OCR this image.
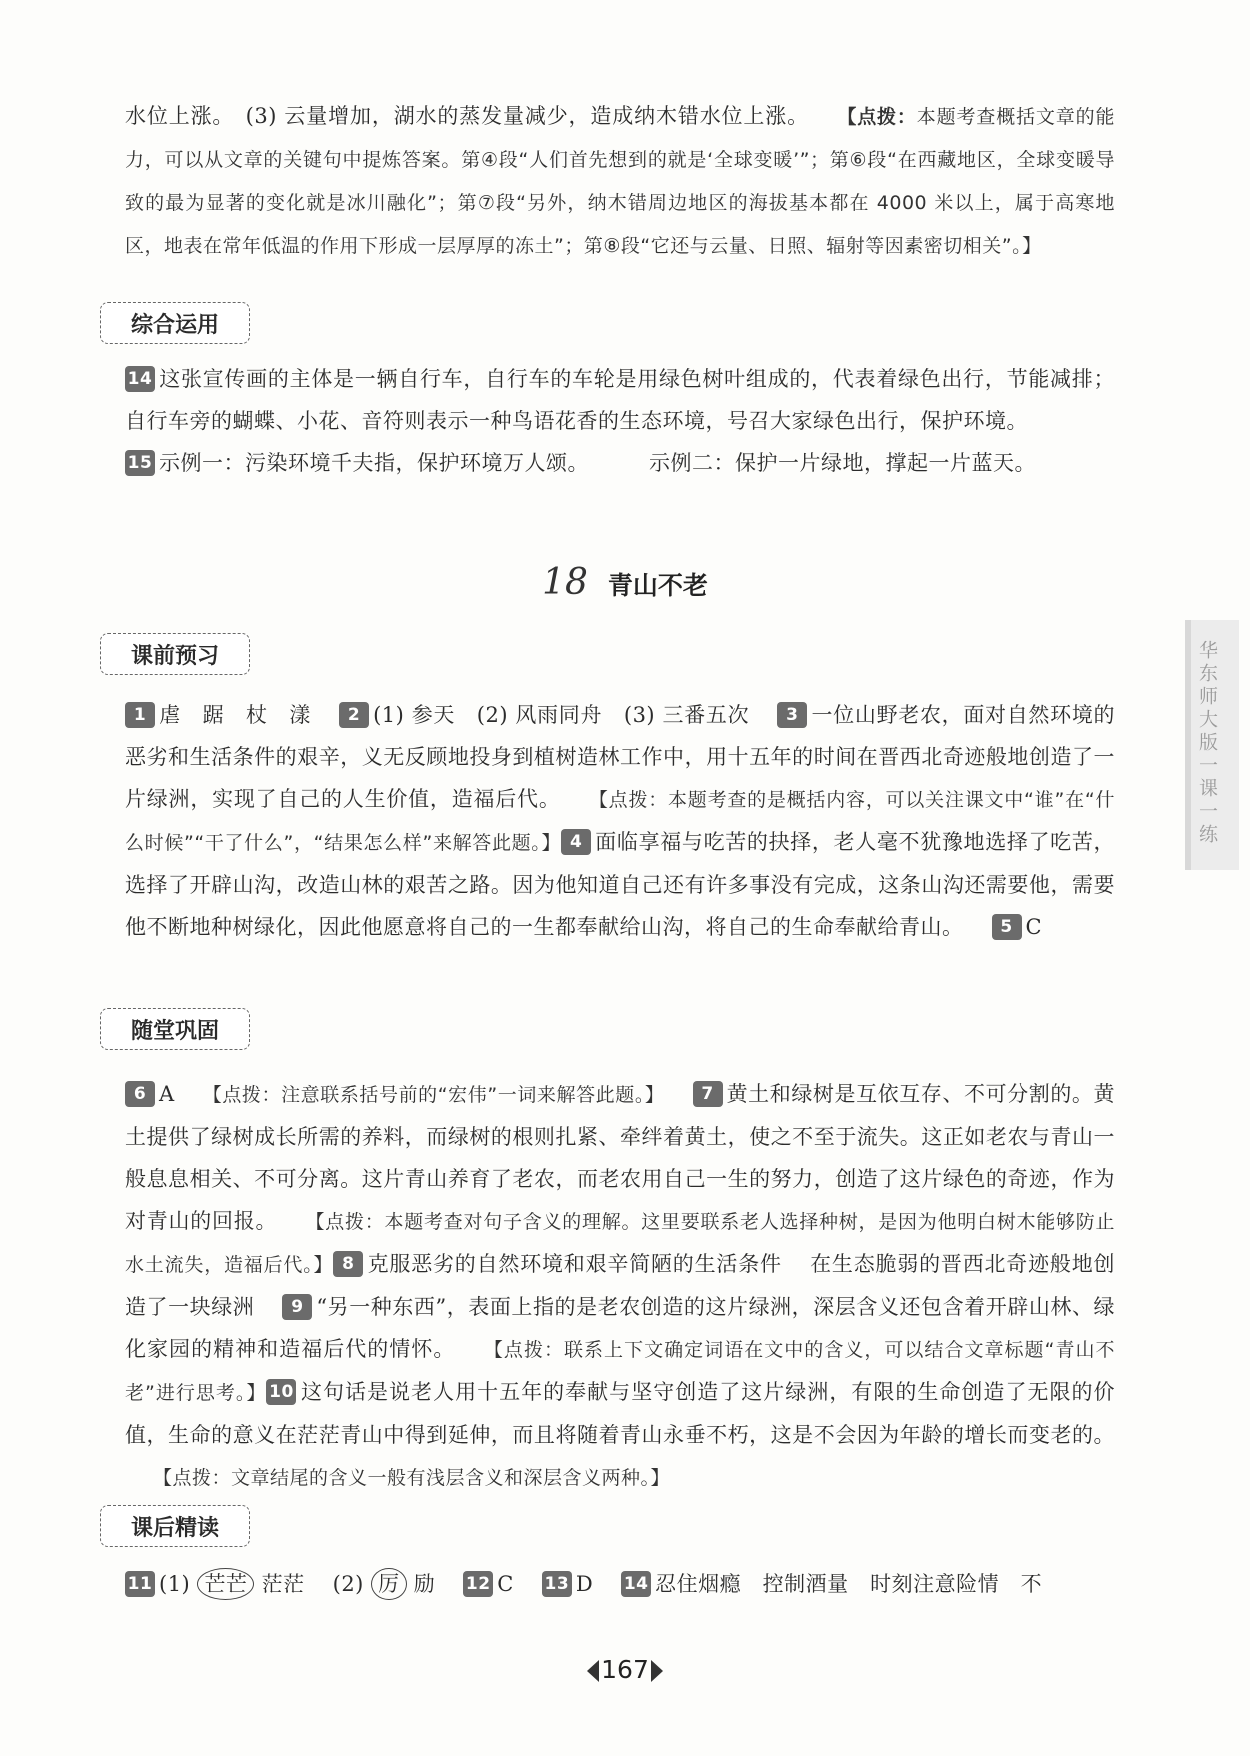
华东师大版一课一练

水位上涨。　(3) 云量增加，湖水的蒸发量减少，造成纳木错水位上涨。 【点拨：本题考查概括文章的能力，可以从文章的关键句中提炼答案。第④段“人们首先想到的就是‘全球变暖’”；第⑥段“在西藏地区，全球变暖导致的最为显著的变化就是冰川融化”；第⑦段“另外，纳木错周边地区的海拔基本都在 4000 米以上，属于高寒地区，地表在常年低温的作用下形成一层厚厚的冻土”；第⑧段“它还与云量、日照、辐射等因素密切相关”。】

综合运用

14 这张宣传画的主体是一辆自行车，自行车的车轮是用绿色树叶组成的，代表着绿色出行，节能减排；自行车旁的蝴蝶、小花、音符则表示一种鸟语花香的生态环境，号召大家绿色出行，保护环境。

15 示例一：污染环境千夫指，保护环境万人颂。	示例二：保护一片绿地，撑起一片蓝天。

18 青山不老
课前预习

1 虐　踞　杖　漾 2 (1) 参天　(2) 风雨同舟　(3) 三番五次 3 一位山野老农，面对自然环境的恶劣和生活条件的艰辛，义无反顾地投身到植树造林工作中，用十五年的时间在晋西北奇迹般地创造了一片绿洲，实现了自己的人生价值，造福后代。 【点拨：本题考查的是概括内容，可以关注课文中“谁”在“什么时候”“干了什么”，“结果怎么样”来解答此题。】 4 面临享福与吃苦的抉择，老人毫不犹豫地选择了吃苦，选择了开辟山沟，改造山林的艰苦之路。因为他知道自己还有许多事没有完成，这条山沟还需要他，需要他不断地种树绿化，因此他愿意将自己的一生都奉献给山沟，将自己的生命奉献给青山。 5 C

随堂巩固

6 A 【点拨：注意联系括号前的“宏伟”一词来解答此题。】 7 黄土和绿树是互依互存、不可分割的。黄土提供了绿树成长所需的养料，而绿树的根则扎紧、牵绊着黄土，使之不至于流失。这正如老农与青山一般息息相关、不可分离。这片青山养育了老农，而老农用自己一生的努力，创造了这片绿色的奇迹，作为对青山的回报。 【点拨：本题考查对句子含义的理解。这里要联系老人选择种树，是因为他明白树木能够防止水土流失，造福后代。】 8 克服恶劣的自然环境和艰辛简陋的生活条件 在生态脆弱的晋西北奇迹般地创造了一块绿洲 9 “另一种东西”，表面上指的是老农创造的这片绿洲，深层含义还包含着开辟山林、绿化家园的精神和造福后代的情怀。 【点拨：联系上下文确定词语在文中的含义，可以结合文章标题“青山不老”进行思考。】 10 这句话是说老人用十五年的奉献与坚守创造了这片绿洲，有限的生命创造了无限的价值，生命的意义在茫茫青山中得到延伸，而且将随着青山永垂不朽，这是不会因为年龄的增长而变老的。【点拨：文章结尾的含义一般有浅层含义和深层含义两种。】

课后精读

11 (1) 芒芒 茫茫 (2) 厉 励 12 C 13 D 14 忍住烟瘾　控制酒量　时刻注意险情　不

167
